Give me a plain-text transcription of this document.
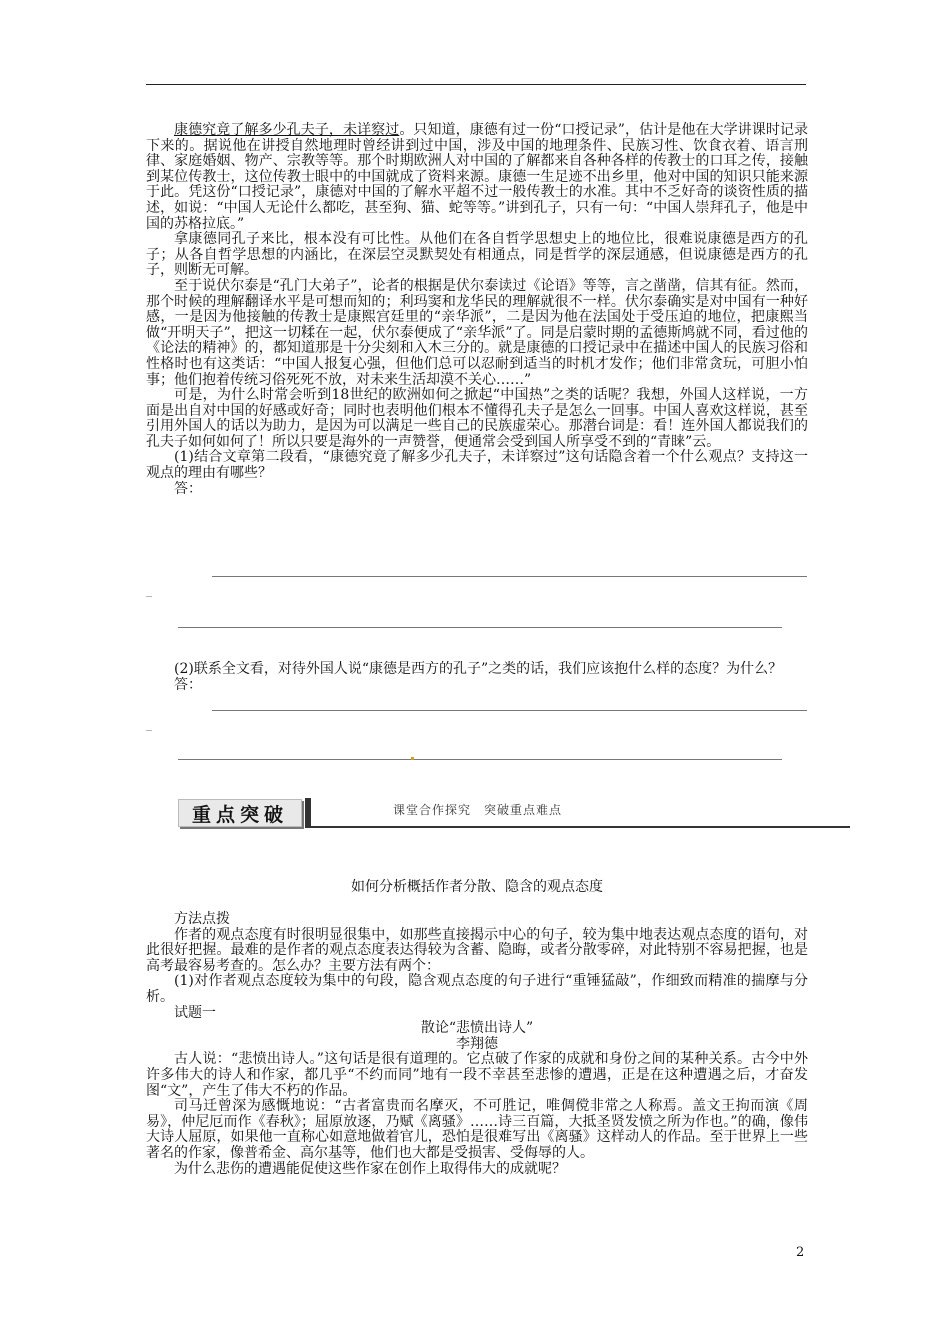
康德究竟了解多少孔夫子，未详察过。只知道，康德有过一份“口授记录”，估计是他在大学讲课时记录下来的。据说他在讲授自然地理时曾经讲到过中国，涉及中国的地理条件、民族习性、饮食衣着、语言刑律、家庭婚姻、物产、宗教等等。那个时期欧洲人对中国的了解都来自各种各样的传教士的口耳之传，接触到某位传教士，这位传教士眼中的中国就成了资料来源。康德一生足迹不出乡里，他对中国的知识只能来源于此。凭这份“口授记录”，康德对中国的了解水平超不过一般传教士的水准。其中不乏好奇的谈资性质的描述，如说：“中国人无论什么都吃，甚至狗、猫、蛇等等。”讲到孔子，只有一句：“中国人崇拜孔子，他是中国的苏格拉底。”

拿康德同孔子来比，根本没有可比性。从他们在各自哲学思想史上的地位比，很难说康德是西方的孔子；从各自哲学思想的内涵比，在深层空灵默契处有相通点，同是哲学的深层通感，但说康德是西方的孔子，则断无可解。

至于说伏尔泰是“孔门大弟子”，论者的根据是伏尔泰读过《论语》等等，言之凿凿，信其有征。然而，那个时候的理解翻译水平是可想而知的；利玛窦和龙华民的理解就很不一样。伏尔泰确实是对中国有一种好感，一是因为他接触的传教士是康熙宫廷里的“亲华派”，二是因为他在法国处于受压迫的地位，把康熙当做“开明天子”，把这一切糅在一起，伏尔泰便成了“亲华派”了。同是启蒙时期的孟德斯鸠就不同，看过他的《论法的精神》的，都知道那是十分尖刻和入木三分的。就是康德的口授记录中在描述中国人的民族习俗和性格时也有这类话：“中国人报复心强，但他们总可以忍耐到适当的时机才发作；他们非常贪玩，可胆小怕事；他们抱着传统习俗死死不放，对未来生活却漠不关心……”

可是，为什么时常会听到18世纪的欧洲如何之掀起“中国热”之类的话呢？我想，外国人这样说，一方面是出自对中国的好感或好奇；同时也表明他们根本不懂得孔夫子是怎么一回事。中国人喜欢这样说，甚至引用外国人的话以为助力，是因为可以满足一些自己的民族虚荣心。那潜台词是：看！连外国人都说我们的孔夫子如何如何了！所以只要是海外的一声赞誉，便通常会受到国人所享受不到的“青睐”云。

(1)结合文章第二段看，“康德究竟了解多少孔夫子，未详察过”这句话隐含着一个什么观点？支持这一观点的理由有哪些？

答：

_

(2)联系全文看，对待外国人说“康德是西方的孔子”之类的话，我们应该抱什么样的态度？为什么？

答：

_
重点突破	课堂合作探究　突破重点难点

如何分析概括作者分散、隐含的观点态度

方法点拨

作者的观点态度有时很明显很集中，如那些直接揭示中心的句子，较为集中地表达观点态度的语句，对此很好把握。最难的是作者的观点态度表达得较为含蓄、隐晦，或者分散零碎，对此特别不容易把握，也是高考最容易考查的。怎么办？主要方法有两个：

(1)对作者观点态度较为集中的句段，隐含观点态度的句子进行“重锤猛敲”，作细致而精准的揣摩与分析。

试题一

散论“悲愤出诗人”

李翔德

古人说：“悲愤出诗人。”这句话是很有道理的。它点破了作家的成就和身份之间的某种关系。古今中外许多伟大的诗人和作家，都几乎“不约而同”地有一段不幸甚至悲惨的遭遇，正是在这种遭遇之后，才奋发图“文”，产生了伟大不朽的作品。

司马迁曾深为感慨地说：“古者富贵而名摩灭，不可胜记，唯倜傥非常之人称焉。盖文王拘而演《周易》，仲尼厄而作《春秋》；屈原放逐，乃赋《离骚》……诗三百篇，大抵圣贤发愤之所为作也。”的确，像伟大诗人屈原，如果他一直称心如意地做着官儿，恐怕是很难写出《离骚》这样动人的作品。至于世界上一些著名的作家，像普希金、高尔基等，他们也大都是受损害、受侮辱的人。

为什么悲伤的遭遇能促使这些作家在创作上取得伟大的成就呢？

2
